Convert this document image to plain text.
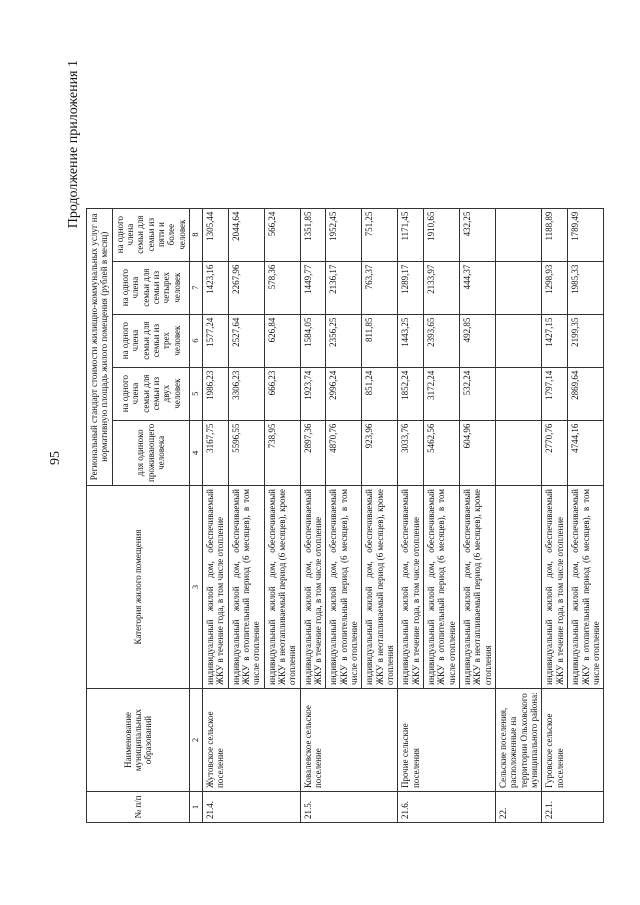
95
Продолжение приложения 1
№ п/п	Наименование муниципальных образований	Категория жилого помещения	Региональный стандарт стоимости жилищно-коммунальных услуг на нормативную площадь жилого помещения (рублей в месяц)				
			для одиноко проживающего человека	на одного члена семьи для семьи из двух человек	на одного члена семьи для семьи из трех человек	на одного члена семьи для семьи из четырех человек	на одного члена семьи для семьи из пяти и более человек
1	2	3	4	5	6	7	8
21.4.	Жутовское сельское поселение	индивидуальный жилой дом, обеспечиваемый ЖКУ в течение года, в том числе отопление	3167,75	1986,23	1577,24	1423,16	1305,44
		индивидуальный жилой дом, обеспечиваемый ЖКУ в отопительный период (6 месяцев), в том числе отопление	5596,55	3306,23	2527,64	2267,96	2044,64
		индивидуальный жилой дом, обеспечиваемый ЖКУ в неотапливаемый период (6 месяцев), кроме отопления	738,95	666,23	626,84	578,36	566,24
21.5.	Ковалевское сельское поселение	индивидуальный жилой дом, обеспечиваемый ЖКУ в течение года, в том числе отопление	2897,36	1923,74	1584,05	1449,77	1351,85
		индивидуальный жилой дом, обеспечиваемый ЖКУ в отопительный период (6 месяцев), в том числе отопление	4870,76	2996,24	2356,25	2136,17	1952,45
		индивидуальный жилой дом, обеспечиваемый ЖКУ в неотапливаемый период (6 месяцев), кроме отопления	923,96	851,24	811,85	763,37	751,25
21.6.	Прочие сельские поселения	индивидуальный жилой дом, обеспечиваемый ЖКУ в течение года, в том числе отопление	3033,76	1852,24	1443,25	1289,17	1171,45
		индивидуальный жилой дом, обеспечиваемый ЖКУ в отопительный период (6 месяцев), в том числе отопление	5462,56	3172,24	2393,65	2133,97	1910,65
		индивидуальный жилой дом, обеспечиваемый ЖКУ в неотапливаемый период (6 месяцев), кроме отопления	604,96	532,24	492,85	444,37	432,25
22.	Сельские поселения, расположенные на территории Ольховского муниципального района:						
22.1.	Гуровское сельское поселение	индивидуальный жилой дом, обеспечиваемый ЖКУ в течение года, в том числе отопление	2770,76	1797,14	1427,15	1298,93	1188,89
		индивидуальный жилой дом, обеспечиваемый ЖКУ в отопительный период (6 месяцев), в том числе отопление	4744,16	2869,64	2199,35	1985,33	1789,49
